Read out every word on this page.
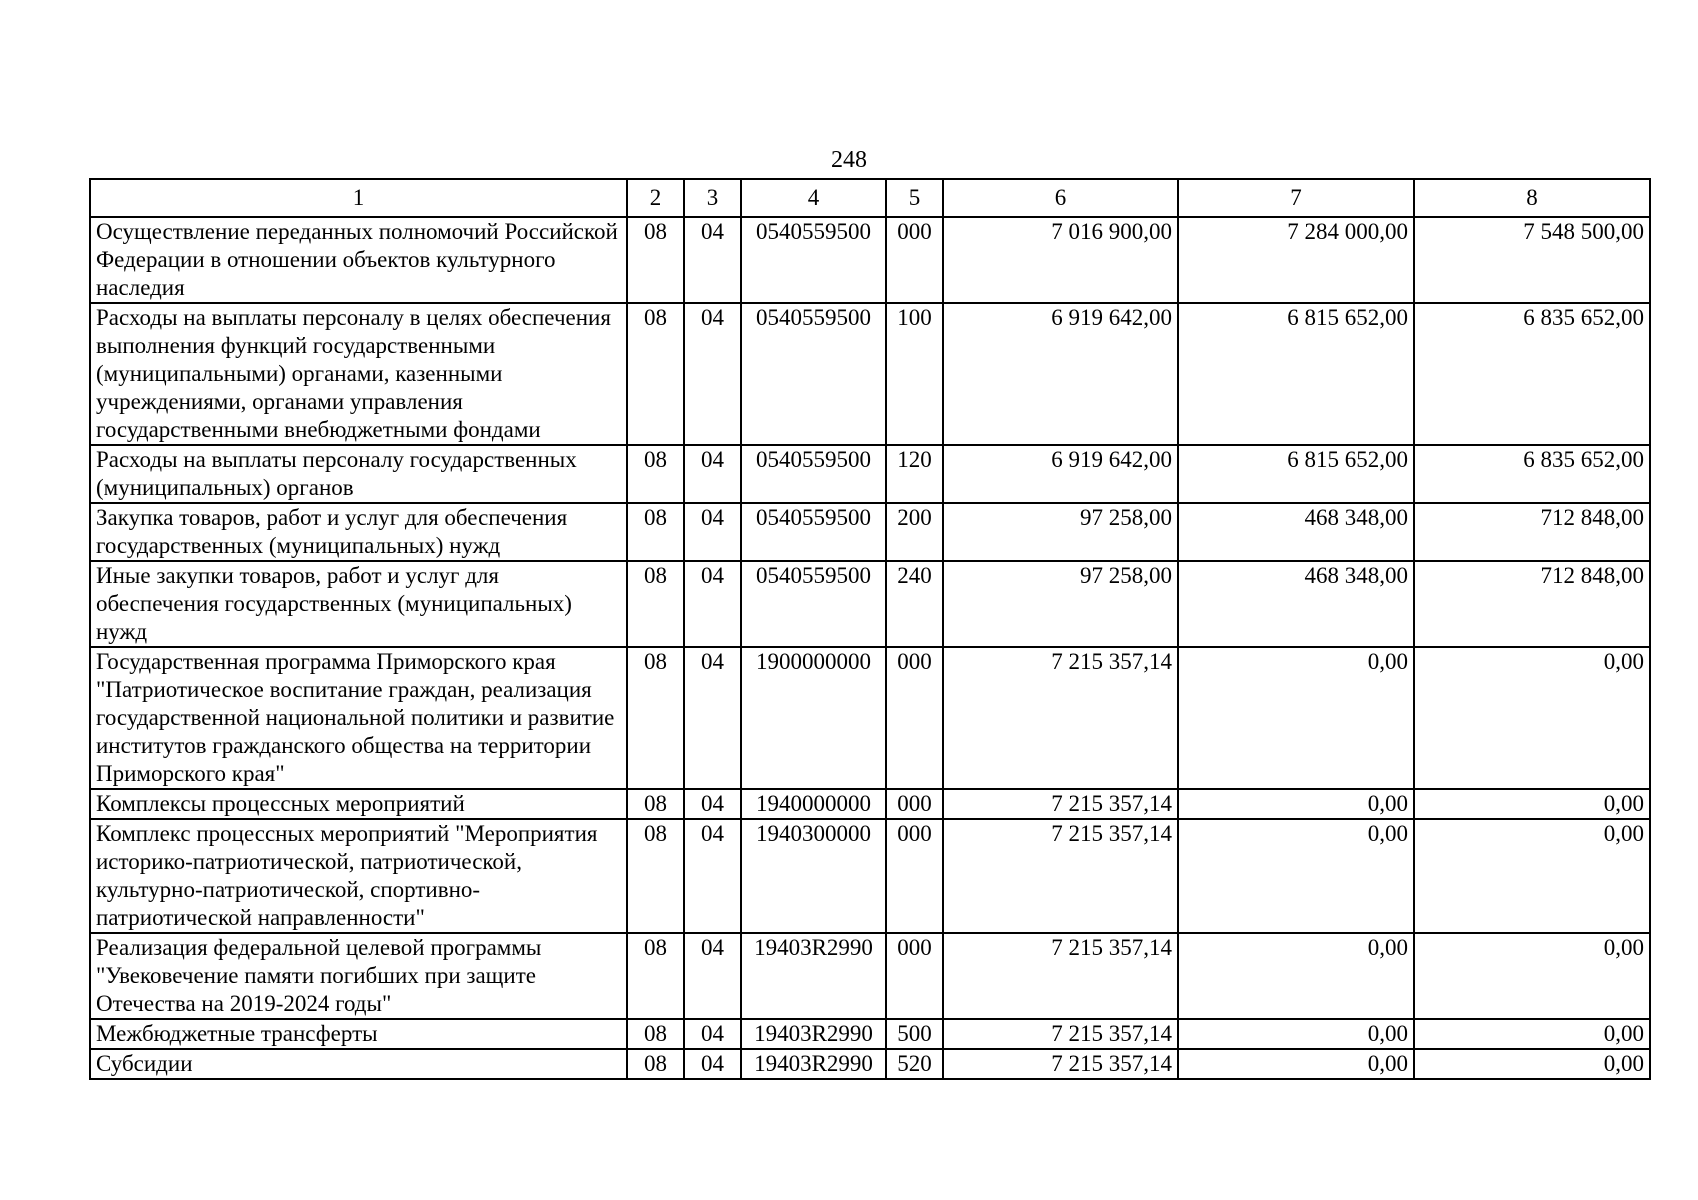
248
1	2	3	4	5	6	7	8
Осуществление переданных полномочий Российской Федерации в отношении объектов культурного наследия	08	04	0540559500	000	7 016 900,00	7 284 000,00	7 548 500,00
Расходы на выплаты персоналу в целях обеспечения выполнения функций государственными (муниципальными) органами, казенными учреждениями, органами управления государственными внебюджетными фондами	08	04	0540559500	100	6 919 642,00	6 815 652,00	6 835 652,00
Расходы на выплаты персоналу государственных (муниципальных) органов	08	04	0540559500	120	6 919 642,00	6 815 652,00	6 835 652,00
Закупка товаров, работ и услуг для обеспечения государственных (муниципальных) нужд	08	04	0540559500	200	97 258,00	468 348,00	712 848,00
Иные закупки товаров, работ и услуг для обеспечения государственных (муниципальных) нужд	08	04	0540559500	240	97 258,00	468 348,00	712 848,00
Государственная программа Приморского края "Патриотическое воспитание граждан, реализация государственной национальной политики и развитие институтов гражданского общества на территории Приморского края"	08	04	1900000000	000	7 215 357,14	0,00	0,00
Комплексы процессных мероприятий	08	04	1940000000	000	7 215 357,14	0,00	0,00
Комплекс процессных мероприятий "Мероприятия историко-патриотической, патриотической, культурно-патриотической, спортивно-патриотической направленности"	08	04	1940300000	000	7 215 357,14	0,00	0,00
Реализация федеральной целевой программы "Увековечение памяти погибших при защите Отечества на 2019-2024 годы"	08	04	19403R2990	000	7 215 357,14	0,00	0,00
Межбюджетные трансферты	08	04	19403R2990	500	7 215 357,14	0,00	0,00
Субсидии	08	04	19403R2990	520	7 215 357,14	0,00	0,00
